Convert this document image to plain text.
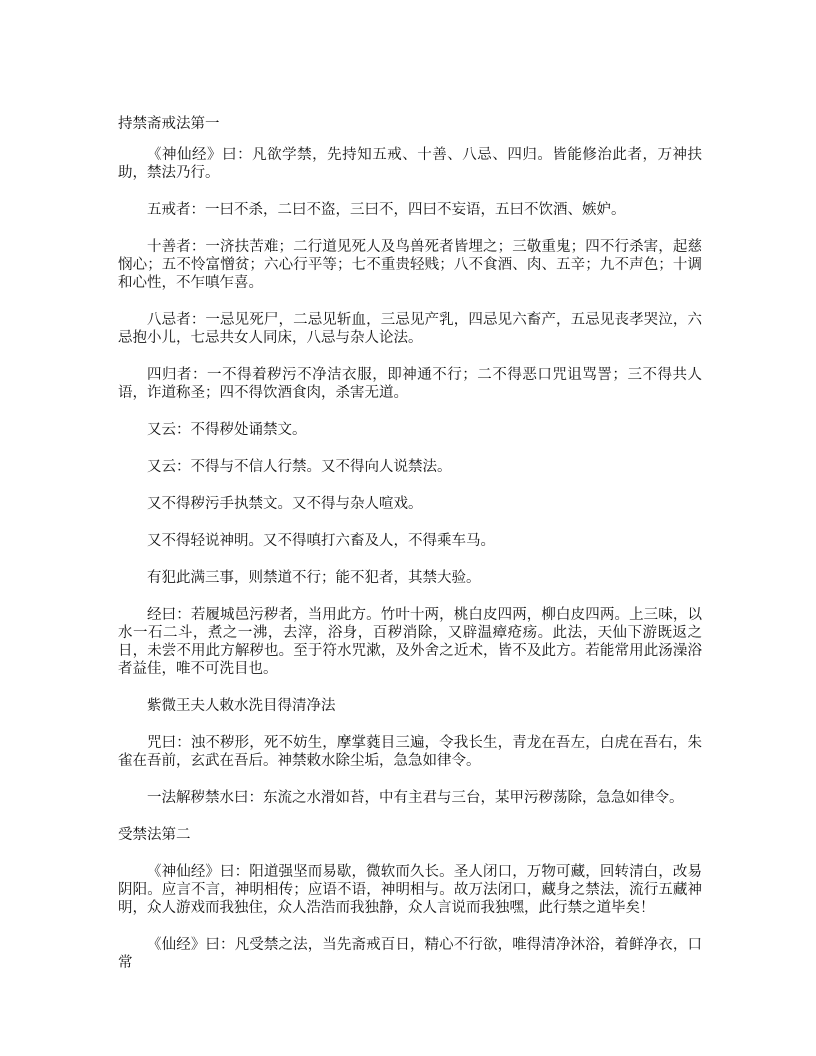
持禁斋戒法第一

《神仙经》曰：凡欲学禁，先持知五戒、十善、八忌、四归。皆能修治此者，万神扶助，禁法乃行。

五戒者：一曰不杀，二曰不盗，三曰不，四曰不妄语，五曰不饮酒、嫉妒。

十善者：一济扶苦难；二行道见死人及鸟兽死者皆埋之；三敬重鬼；四不行杀害，起慈悯心；五不怜富憎贫；六心行平等；七不重贵轻贱；八不食酒、肉、五辛；九不声色；十调和心性，不乍嗔乍喜。

八忌者：一忌见死尸，二忌见斩血，三忌见产乳，四忌见六畜产，五忌见丧孝哭泣，六忌抱小儿，七忌共女人同床，八忌与杂人论法。

四归者：一不得着秽污不净洁衣服，即神通不行；二不得恶口咒诅骂詈；三不得共人语，诈道称圣；四不得饮酒食肉，杀害无道。

又云：不得秽处诵禁文。

又云：不得与不信人行禁。又不得向人说禁法。

又不得秽污手执禁文。又不得与杂人喧戏。

又不得轻说神明。又不得嗔打六畜及人，不得乘车马。

有犯此满三事，则禁道不行；能不犯者，其禁大验。

经曰：若履城邑污秽者，当用此方。竹叶十两，桃白皮四两，柳白皮四两。上三味，以水一石二斗，煮之一沸，去滓，浴身，百秽消除，又辟温瘴疮疡。此法，天仙下游既返之日，未尝不用此方解秽也。至于符水咒漱，及外舍之近术，皆不及此方。若能常用此汤澡浴者益佳，唯不可洗目也。

紫微王夫人敕水洗目得清净法

咒曰：浊不秽形，死不妨生，摩掌蕤目三遍，令我长生，青龙在吾左，白虎在吾右，朱雀在吾前，玄武在吾后。神禁敕水除尘垢，急急如律令。

一法解秽禁水曰：东流之水滑如苔，中有主君与三台，某甲污秽荡除，急急如律令。

受禁法第二

《神仙经》曰：阳道强坚而易歇，微软而久长。圣人闭口，万物可藏，回转清白，改易阴阳。应言不言，神明相传；应语不语，神明相与。故万法闭口，藏身之禁法，流行五藏神明，众人游戏而我独住，众人浩浩而我独静，众人言说而我独嘿，此行禁之道毕矣！

《仙经》曰：凡受禁之法，当先斋戒百日，精心不行欲，唯得清净沐浴，着鲜净衣，口常
